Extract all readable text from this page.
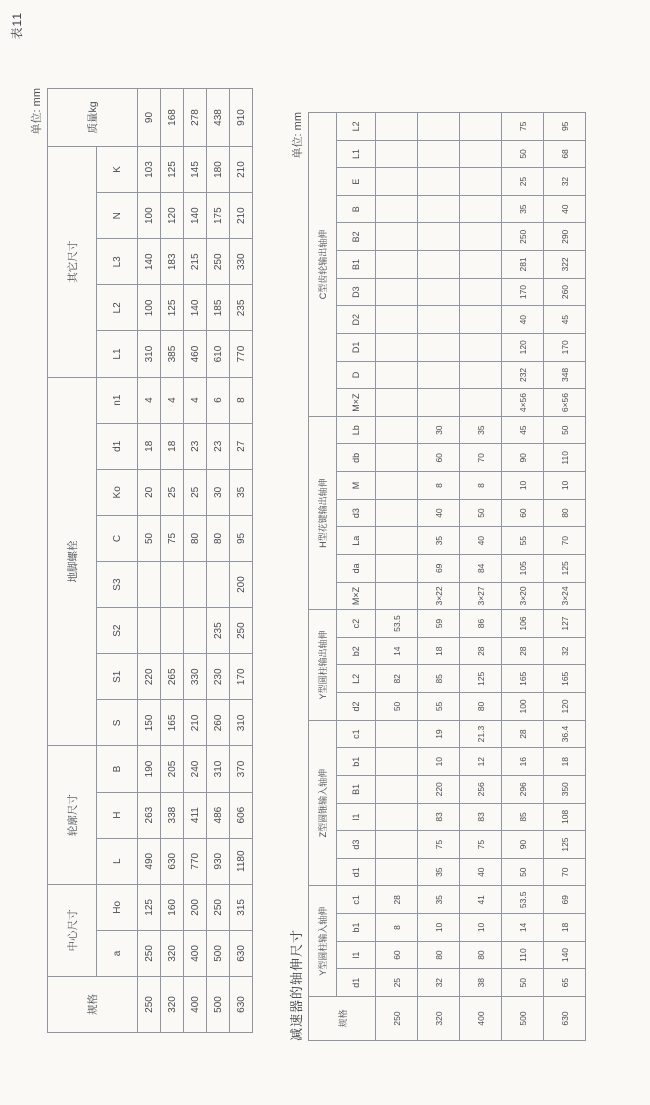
表11
单位: mm
规格	中心尺寸		轮廓尺寸			地脚螺栓								其它尺寸					质量kg
	a	Ho	L	H	B	S	S1	S2	S3	C	Ko	d1	n1	L1	L2	L3	N	K	
250	250	125	490	263	190	150	220			50	20	18	4	310	100	140	100	103	90
320	320	160	630	338	205	165	265			75	25	18	4	385	125	183	120	125	168
400	400	200	770	411	240	210	330			80	25	23	4	460	140	215	140	145	278
500	500	250	930	486	310	260	230	235		80	30	23	6	610	185	250	175	180	438
630	630	315	1180	606	370	310	170	250	200	95	35	27	8	770	235	330	210	210	910
减速器的轴伸尺寸
单位: mm
规格	Y型圆柱输入轴伸				Z型圆锥输入轴伸						Y型圆柱输出轴伸				H型花键输出轴伸							C型齿轮输出轴伸										
	d1	l1	b1	c1	d1	d3	l1	B1	b1	c1	d2	L2	b2	c2	M×Z	da	La	d3	M	db	Lb	M×Z	D	D1	D2	D3	B1	B2	B	E	L1	L2
250	25	60	8	28							50	82	14	53.5																		
320	32	80	10	35	35	75	83	220	10	19	55	85	18	59	3×22	69	35	40	8	60	30											
400	38	80	10	41	40	75	83	256	12	21.3	80	125	28	86	3×27	84	40	50	8	70	35											
500	50	110	14	53.5	50	90	85	296	16	28	100	165	28	106	3×20	105	55	60	10	90	45	4×56	232	120	40	170	281	250	35	25	50	75
630	65	140	18	69	70	125	108	350	18	36.4	120	165	32	127	3×24	125	70	80	10	110	50	6×56	348	170	45	260	322	290	40	32	68	95
